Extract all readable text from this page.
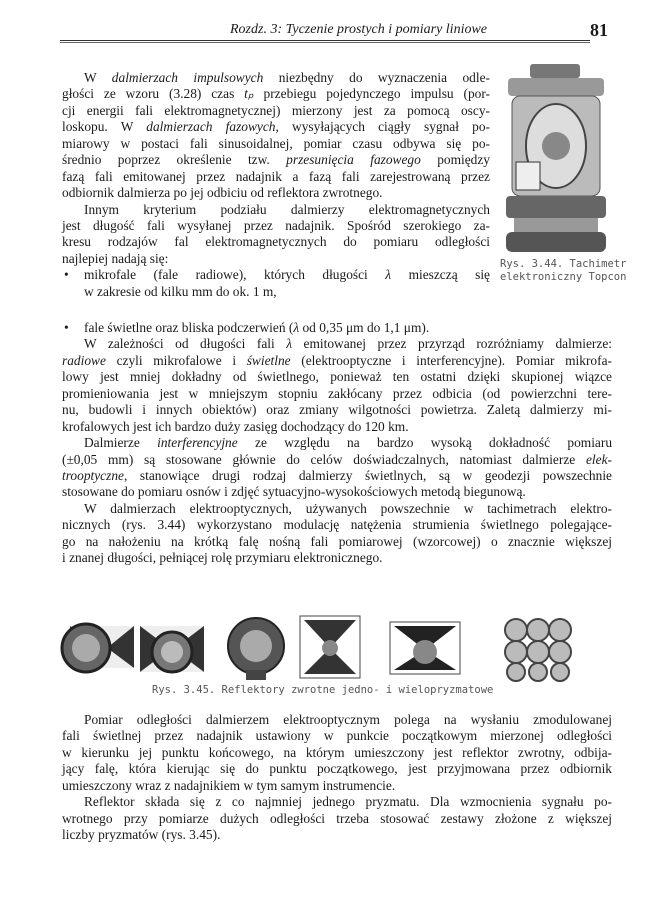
Rozdz. 3: Tyczenie prostych i pomiary liniowe	81
W dalmierzach impulsowych niezbędny do wyznaczenia odle-
głości ze wzoru (3.28) czas tₚ przebiegu pojedynczego impulsu (por-
cji energii fali elektromagnetycznej) mierzony jest za pomocą oscy-
loskopu. W dalmierzach fazowych, wysyłających ciągły sygnał po-
miarowy w postaci fali sinusoidalnej, pomiar czasu odbywa się po-
średnio poprzez określenie tzw. przesunięcia fazowego pomiędzy
fazą fali emitowanej przez nadajnik a fazą fali zarejestrowaną przez
odbiornik dalmierza po jej odbiciu od reflektora zwrotnego.
Innym kryterium podziału dalmierzy elektromagnetycznych
jest długość fali wysyłanej przez nadajnik. Spośród szerokiego za-
kresu rodzajów fal elektromagnetycznych do pomiaru odległości
najlepiej nadają się:
• mikrofale (fale radiowe), których długości λ mieszczą się
w zakresie od kilku mm do ok. 1 m,
• fale świetlne oraz bliska podczerwień (λ od 0,35 μm do 1,1 μm).
W zależności od długości fali λ emitowanej przez przyrząd rozróżniamy dalmierze:
radiowe czyli mikrofalowe i świetlne (elektrooptyczne i interferencyjne). Pomiar mikrofa-
lowy jest mniej dokładny od świetlnego, ponieważ ten ostatni dzięki skupionej wiązce
promieniowania jest w mniejszym stopniu zakłócany przez odbicia (od powierzchni tere-
nu, budowli i innych obiektów) oraz zmiany wilgotności powietrza. Zaletą dalmierzy mi-
krofalowych jest ich bardzo duży zasięg dochodzący do 120 km.
Dalmierze interferencyjne ze względu na bardzo wysoką dokładność pomiaru
(±0,05 mm) są stosowane głównie do celów doświadczalnych, natomiast dalmierze elek-
trooptyczne, stanowiące drugi rodzaj dalmierzy świetlnych, są w geodezji powszechnie
stosowane do pomiaru osnów i zdjęć sytuacyjno-wysokościowych metodą biegunową.
W dalmierzach elektrooptycznych, używanych powszechnie w tachimetrach elektro-
nicznych (rys. 3.44) wykorzystano modulację natężenia strumienia świetlnego polegające-
go na nałożeniu na krótką falę nośną fali pomiarowej (wzorcowej) o znacznie większej
i znanej długości, pełniącej rolę przymiaru elektronicznego.
Pomiar odległości dalmierzem elektrooptycznym polega na wysłaniu zmodulowanej
fali świetlnej przez nadajnik ustawiony w punkcie początkowym mierzonej odległości
w kierunku jej punktu końcowego, na którym umieszczony jest reflektor zwrotny, odbija-
jący falę, która kierując się do punktu początkowego, jest przyjmowana przez odbiornik
umieszczony wraz z nadajnikiem w tym samym instrumencie.
Reflektor składa się z co najmniej jednego pryzmatu. Dla wzmocnienia sygnału po-
wrotnego przy pomiarze dużych odległości trzeba stosować zestawy złożone z większej
liczby pryzmatów (rys. 3.45).
Rys. 3.44. Tachimetr
elektroniczny Topcon
Rys. 3.45. Reflektory zwrotne jedno- i wielopryzmatowe
